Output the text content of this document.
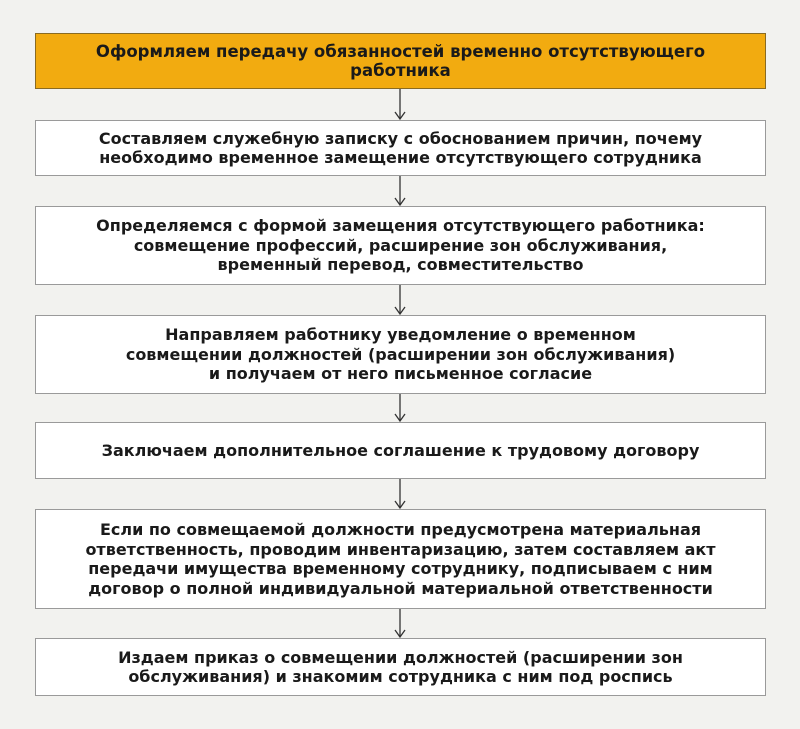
Оформляем передачу обязанностей временно отсутствующего работника
Составляем служебную записку с обоснованием причин, почему
необходимо временное замещение отсутствующего сотрудника
Определяемся с формой замещения отсутствующего работника:
совмещение профессий, расширение зон обслуживания,
временный перевод, совместительство
Направляем работнику уведомление о временном
совмещении должностей (расширении зон обслуживания)
и получаем от него письменное согласие
Заключаем дополнительное соглашение к трудовому договору
Если по совмещаемой должности предусмотрена материальная
ответственность, проводим инвентаризацию, затем составляем акт
передачи имущества временному сотруднику, подписываем с ним
договор о полной индивидуальной материальной ответственности
Издаем приказ о совмещении должностей (расширении зон
обслуживания) и знакомим сотрудника с ним под роспись
